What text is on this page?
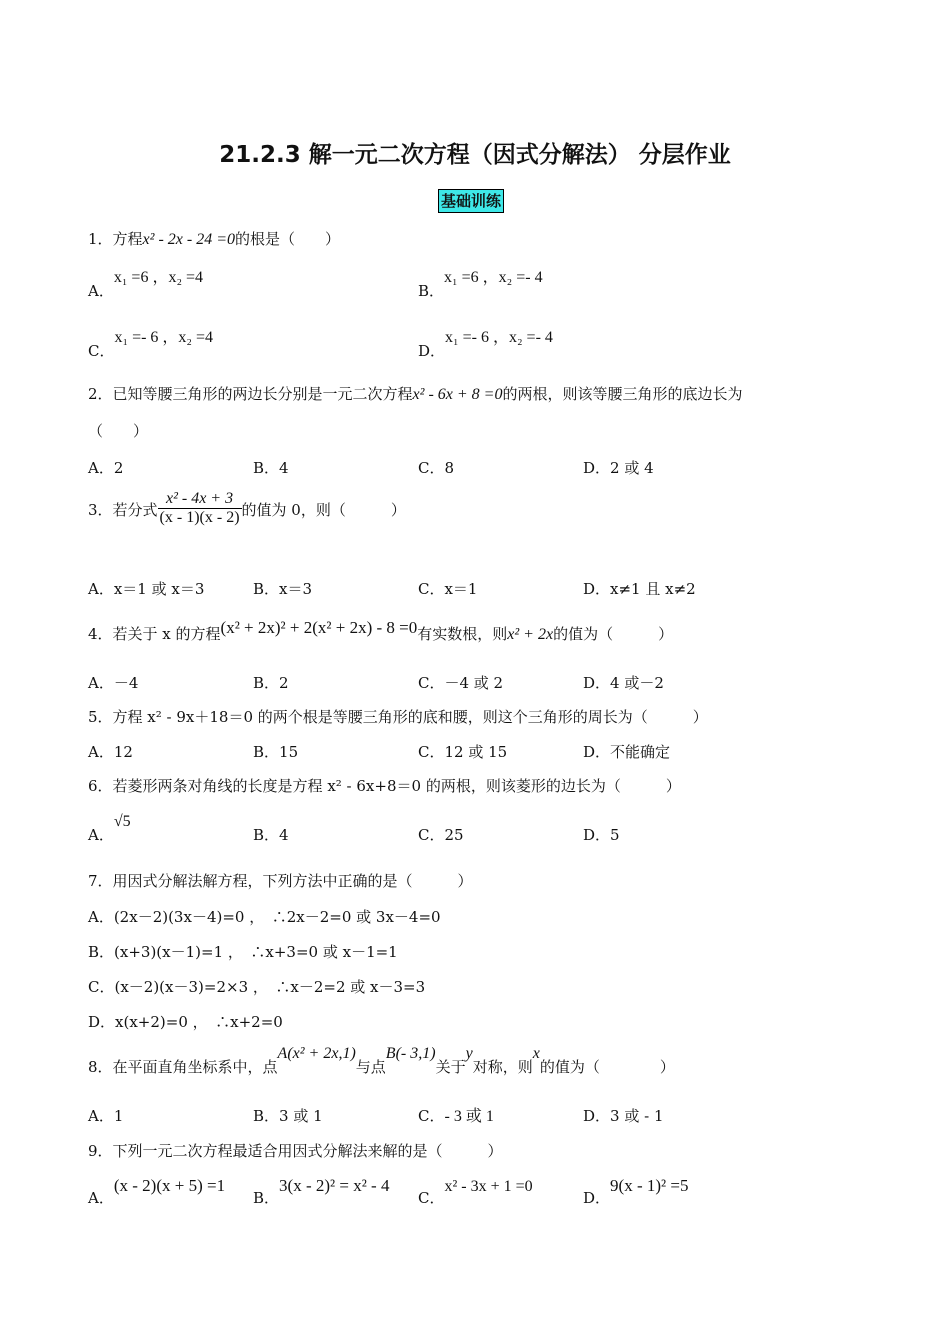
21.2.3 解一元二次方程（因式分解法） 分层作业
基础训练
1．方程x² - 2x - 24 =0的根是（　　）
A．x₁ =6 ，x₂ =4
B．x₁ =6 ，x₂ =- 4
C．x₁ =- 6 ，x₂ =4
D．x₁ =- 6 ，x₂ =- 4
2．已知等腰三角形的两边长分别是一元二次方程x² - 6x + 8 =0的两根，则该等腰三角形的底边长为
（　　）
A．2	B．4	C．8	D．2 或 4
3．若分式 $\frac{\text{x² - 4x + 3}}{(x - 1)(x - 2)}$ 的值为 0，则（　　　）
A．x＝1 或 x＝3	B．x＝3	C．x＝1	D．x≠1 且 x≠2
4．若关于 x 的方程(x² + 2x)² + 2(x² + 2x) - 8 =0有实数根，则x² + 2x的值为（　　　）
A．－4	B．2	C．－4 或 2	D．4 或－2
5．方程 x² - 9x＋18＝0 的两个根是等腰三角形的底和腰，则这个三角形的周长为（　　　）
A．12	B．15	C．12 或 15	D．不能确定
6．若菱形两条对角线的长度是方程 x² - 6x+8＝0 的两根，则该菱形的边长为（　　　）
A．√5
B．4	C．25	D．5
7．用因式分解法解方程，下列方法中正确的是（　　　）
A．(2x－2)(3x－4)=0 ，　∴2x－2=0 或 3x－4=0
B．(x+3)(x－1)=1 ，　∴x+3=0 或 x－1=1
C．(x－2)(x－3)=2×3 ，　∴x－2=2 或 x－3=3
D．x(x+2)=0 ，　∴x+2=0
8．在平面直角坐标系中，点A(x² + 2x,1)与点B(- 3,1)关于y对称，则x的值为（　　　　）
A．1	B．3 或 1	C．- 3 或 1	D．3 或 - 1
9．下列一元二次方程最适合用因式分解法来解的是（　　　）
A．(x - 2)(x + 5) =1
B．3(x - 2)² = x² - 4
C．x² - 3x + 1 =0
D．9(x - 1)² =5
